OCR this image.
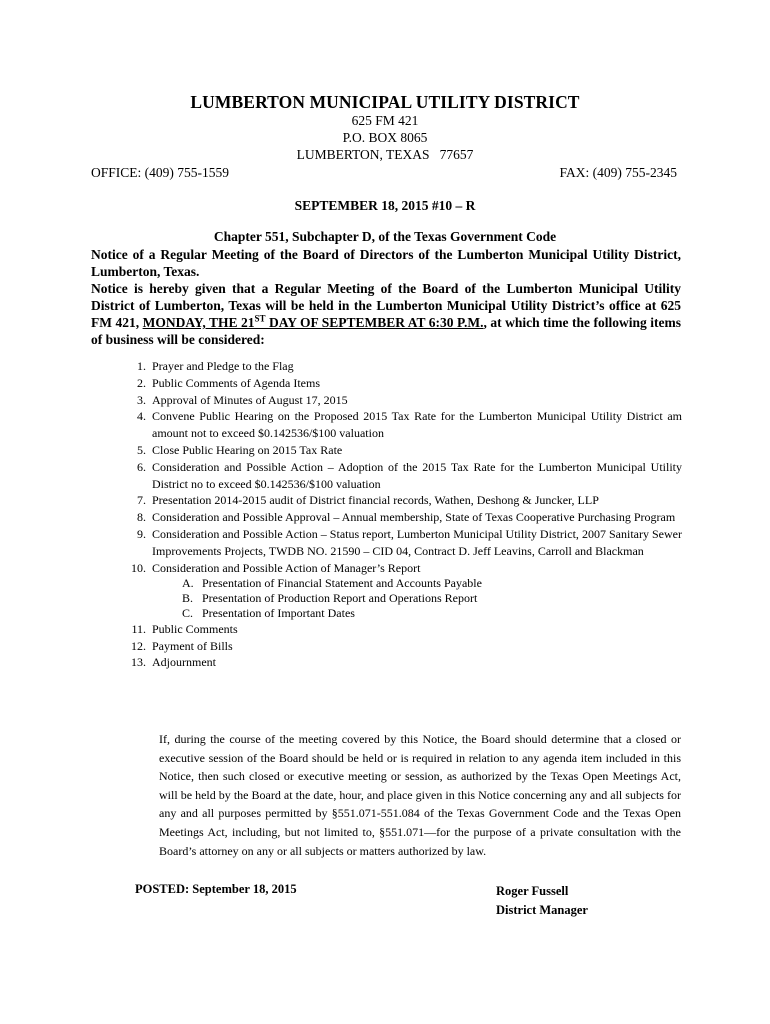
LUMBERTON MUNICIPAL UTILITY DISTRICT
625 FM 421
P.O. BOX 8065
LUMBERTON, TEXAS   77657
OFFICE: (409) 755-1559	FAX: (409) 755-2345
SEPTEMBER 18, 2015 #10 – R
Chapter 551, Subchapter D, of the Texas Government Code

Notice of a Regular Meeting of the Board of Directors of the Lumberton Municipal Utility District, Lumberton, Texas.

Notice is hereby given that a Regular Meeting of the Board of the Lumberton Municipal Utility District of Lumberton, Texas will be held in the Lumberton Municipal Utility District’s office at 625 FM 421, MONDAY, THE 21ST DAY OF SEPTEMBER AT 6:30 P.M., at which time the following items of business will be considered:

1. Prayer and Pledge to the Flag
2. Public Comments of Agenda Items
3. Approval of Minutes of August 17, 2015
4. Convene Public Hearing on the Proposed 2015 Tax Rate for the Lumberton Municipal Utility District am amount not to exceed $0.142536/$100 valuation
5. Close Public Hearing on 2015 Tax Rate
6. Consideration and Possible Action – Adoption of the 2015 Tax Rate for the Lumberton Municipal Utility District no to exceed $0.142536/$100 valuation
7. Presentation 2014-2015 audit of District financial records, Wathen, Deshong & Juncker, LLP
8. Consideration and Possible Approval – Annual membership, State of Texas Cooperative Purchasing Program
9. Consideration and Possible Action – Status report, Lumberton Municipal Utility District, 2007 Sanitary Sewer Improvements Projects, TWDB NO. 21590 – CID 04, Contract D. Jeff Leavins, Carroll and Blackman
10. Consideration and Possible Action of Manager’s Report
A. Presentation of Financial Statement and Accounts Payable
B. Presentation of Production Report and Operations Report
C. Presentation of Important Dates
11. Public Comments
12. Payment of Bills
13. Adjournment
If, during the course of the meeting covered by this Notice, the Board should determine that a closed or executive session of the Board should be held or is required in relation to any agenda item included in this Notice, then such closed or executive meeting or session, as authorized by the Texas Open Meetings Act, will be held by the Board at the date, hour, and place given in this Notice concerning any and all subjects for any and all purposes permitted by §551.071-551.084 of the Texas Government Code and the Texas Open Meetings Act, including, but not limited to, §551.071—for the purpose of a private consultation with the Board’s attorney on any or all subjects or matters authorized by law.
POSTED: September 18, 2015	Roger Fussell
District Manager
